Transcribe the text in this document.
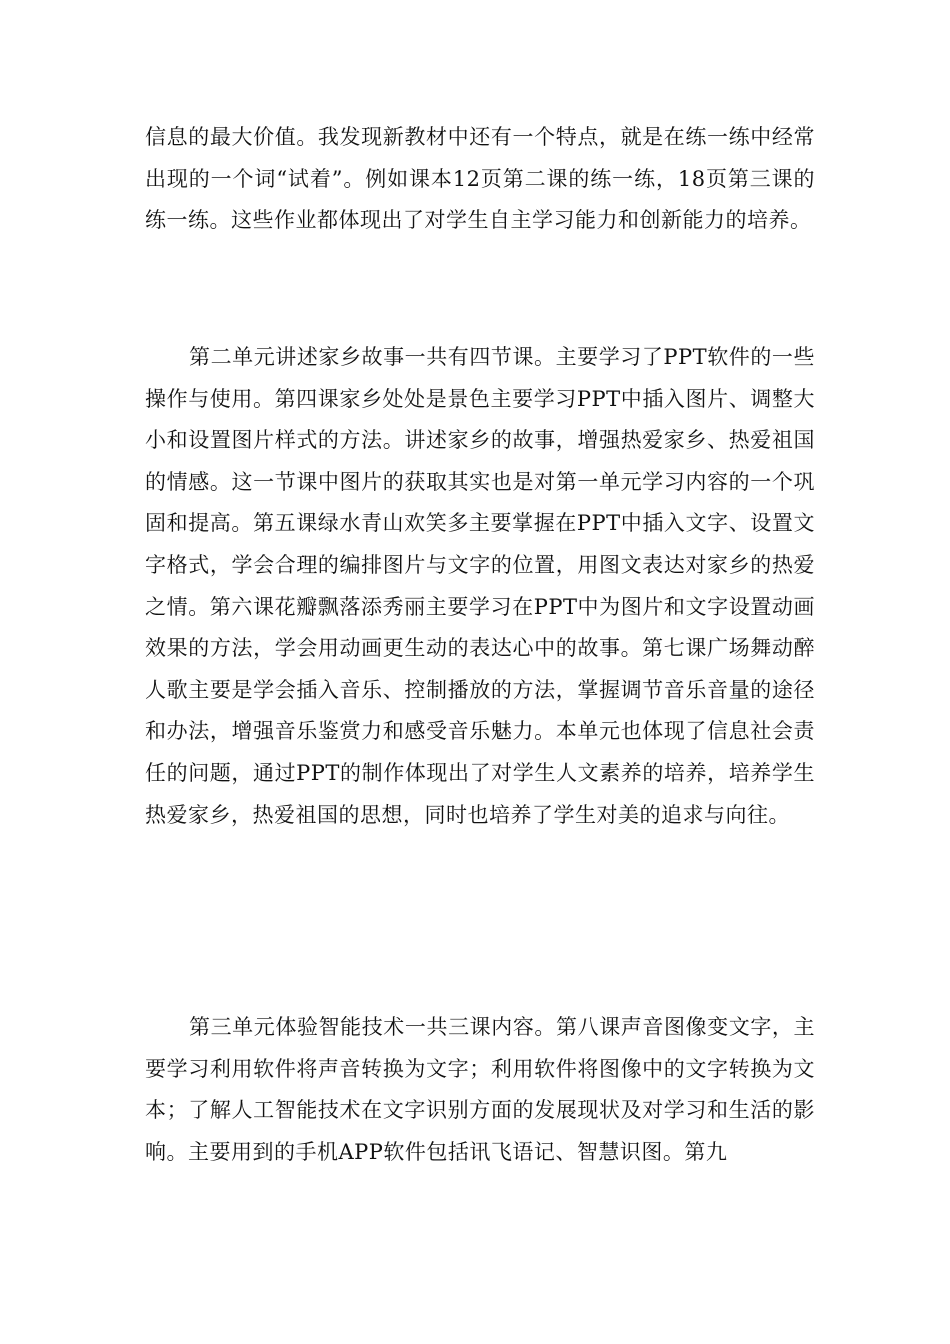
信息的最大价值。我发现新教材中还有一个特点，就是在练一练中经常出现的一个词“试着”。例如课本12页第二课的练一练，18页第三课的练一练。这些作业都体现出了对学生自主学习能力和创新能力的培养。

第二单元讲述家乡故事一共有四节课。主要学习了PPT软件的一些操作与使用。第四课家乡处处是景色主要学习PPT中插入图片、调整大小和设置图片样式的方法。讲述家乡的故事，增强热爱家乡、热爱祖国的情感。这一节课中图片的获取其实也是对第一单元学习内容的一个巩固和提高。第五课绿水青山欢笑多主要掌握在PPT中插入文字、设置文字格式，学会合理的编排图片与文字的位置，用图文表达对家乡的热爱之情。第六课花瓣飘落添秀丽主要学习在PPT中为图片和文字设置动画效果的方法，学会用动画更生动的表达心中的故事。第七课广场舞动醉人歌主要是学会插入音乐、控制播放的方法，掌握调节音乐音量的途径和办法，增强音乐鉴赏力和感受音乐魅力。本单元也体现了信息社会责任的问题，通过PPT的制作体现出了对学生人文素养的培养，培养学生热爱家乡，热爱祖国的思想，同时也培养了学生对美的追求与向往。

第三单元体验智能技术一共三课内容。第八课声音图像变文字，主要学习利用软件将声音转换为文字；利用软件将图像中的文字转换为文本；了解人工智能技术在文字识别方面的发展现状及对学习和生活的影响。主要用到的手机APP软件包括讯飞语记、智慧识图。第九
